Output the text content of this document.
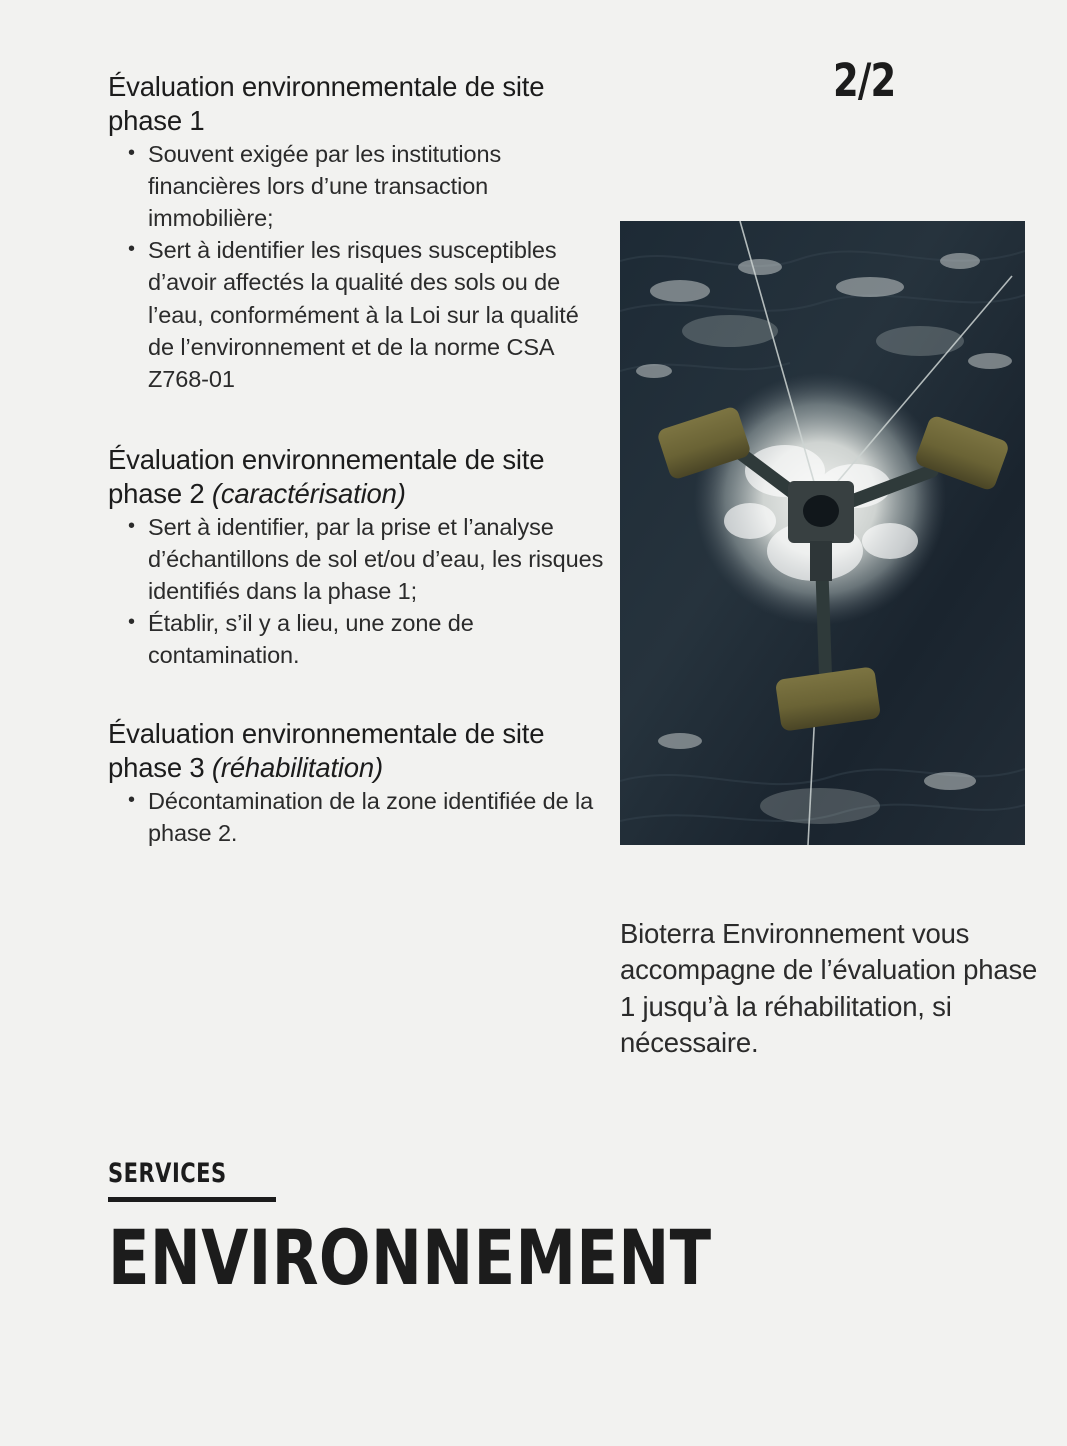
2/2
Évaluation environnementale de site phase 1
• Souvent exigée par les institutions financières lors d’une transaction immobilière;
• Sert à identifier les risques susceptibles d’avoir affectés la qualité des sols ou de l’eau, conformément à la Loi sur la qualité de l’environnement et de la norme CSA Z768-01
Évaluation environnementale de site phase 2 (caractérisation)
• Sert à identifier, par la prise et l’analyse d’échantillons de sol et/ou d’eau, les risques identifiés dans la phase 1;
• Établir, s’il y a lieu, une zone de contamination.
Évaluation environnementale de site phase 3 (réhabilitation)
• Décontamination de la zone identifiée de la phase 2.

Bioterra Environnement vous accompagne de l’évaluation phase 1 jusqu’à la réhabilitation, si nécessaire.

SERVICES
ENVIRONNEMENT
